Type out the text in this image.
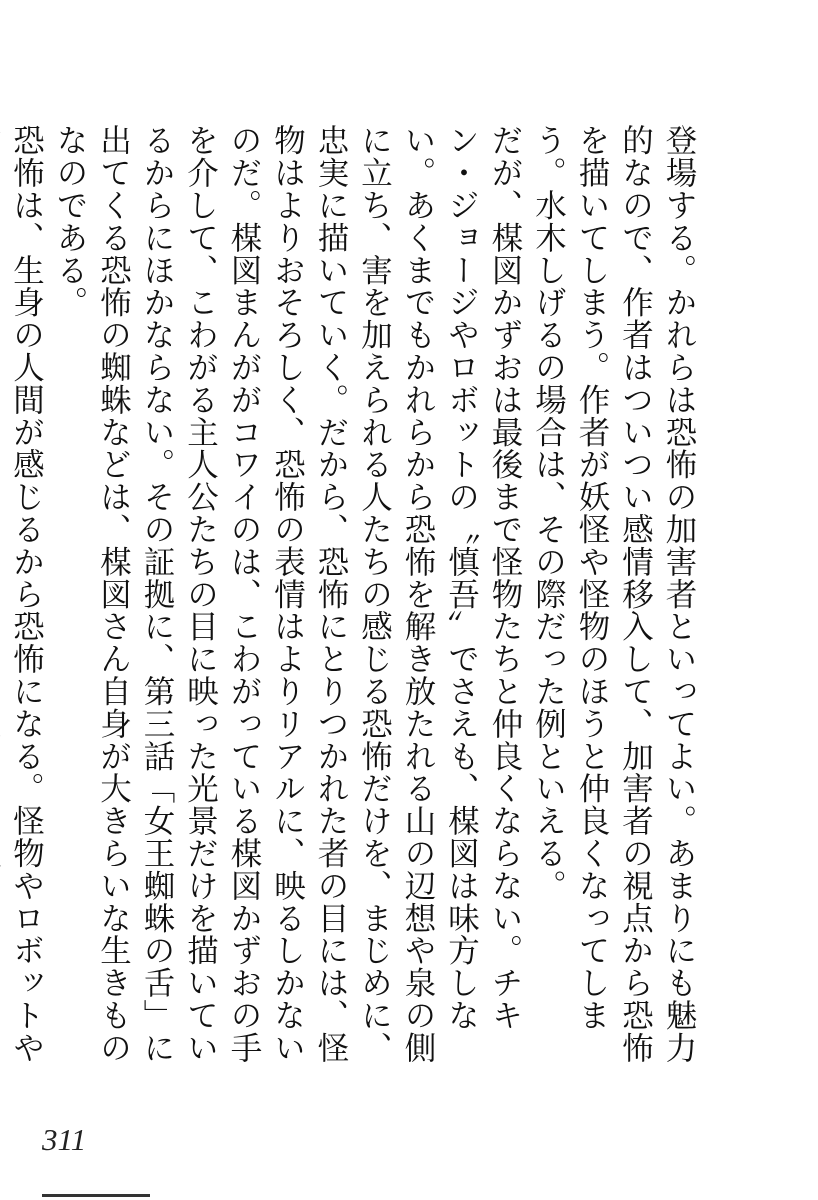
登場する。かれらは恐怖の加害者といってよい。あまりにも魅力的なので、作者はついつい感情移入して、加害者の視点から恐怖を描いてしまう。作者が妖怪や怪物のほうと仲良くなってしまう。水木しげるの場合は、その際だった例といえる。

だが、楳図かずおは最後まで怪物たちと仲良くならない。チキン・ジョージやロボットの〝慎吾〟でさえも、楳図は味方しない。あくまでもかれらから恐怖を解き放たれる山の辺想や泉の側に立ち、害を加えられる人たちの感じる恐怖だけを、まじめに、忠実に描いていく。だから、恐怖にとりつかれた者の目には、怪物はよりおそろしく、恐怖の表情はよりリアルに、映るしかないのだ。楳図まんががコワイのは、こわがっている楳図かずおの手を介して、こわがる主人公たちの目に映った光景だけを描いているからにほかならない。その証拠に、第三話「女王蜘蛛の舌」に出てくる恐怖の蜘蛛などは、楳図さん自身が大きらいな生きものなのである。

恐怖は、生身の人間が感じるから恐怖になる。怪物やロボットや

311
